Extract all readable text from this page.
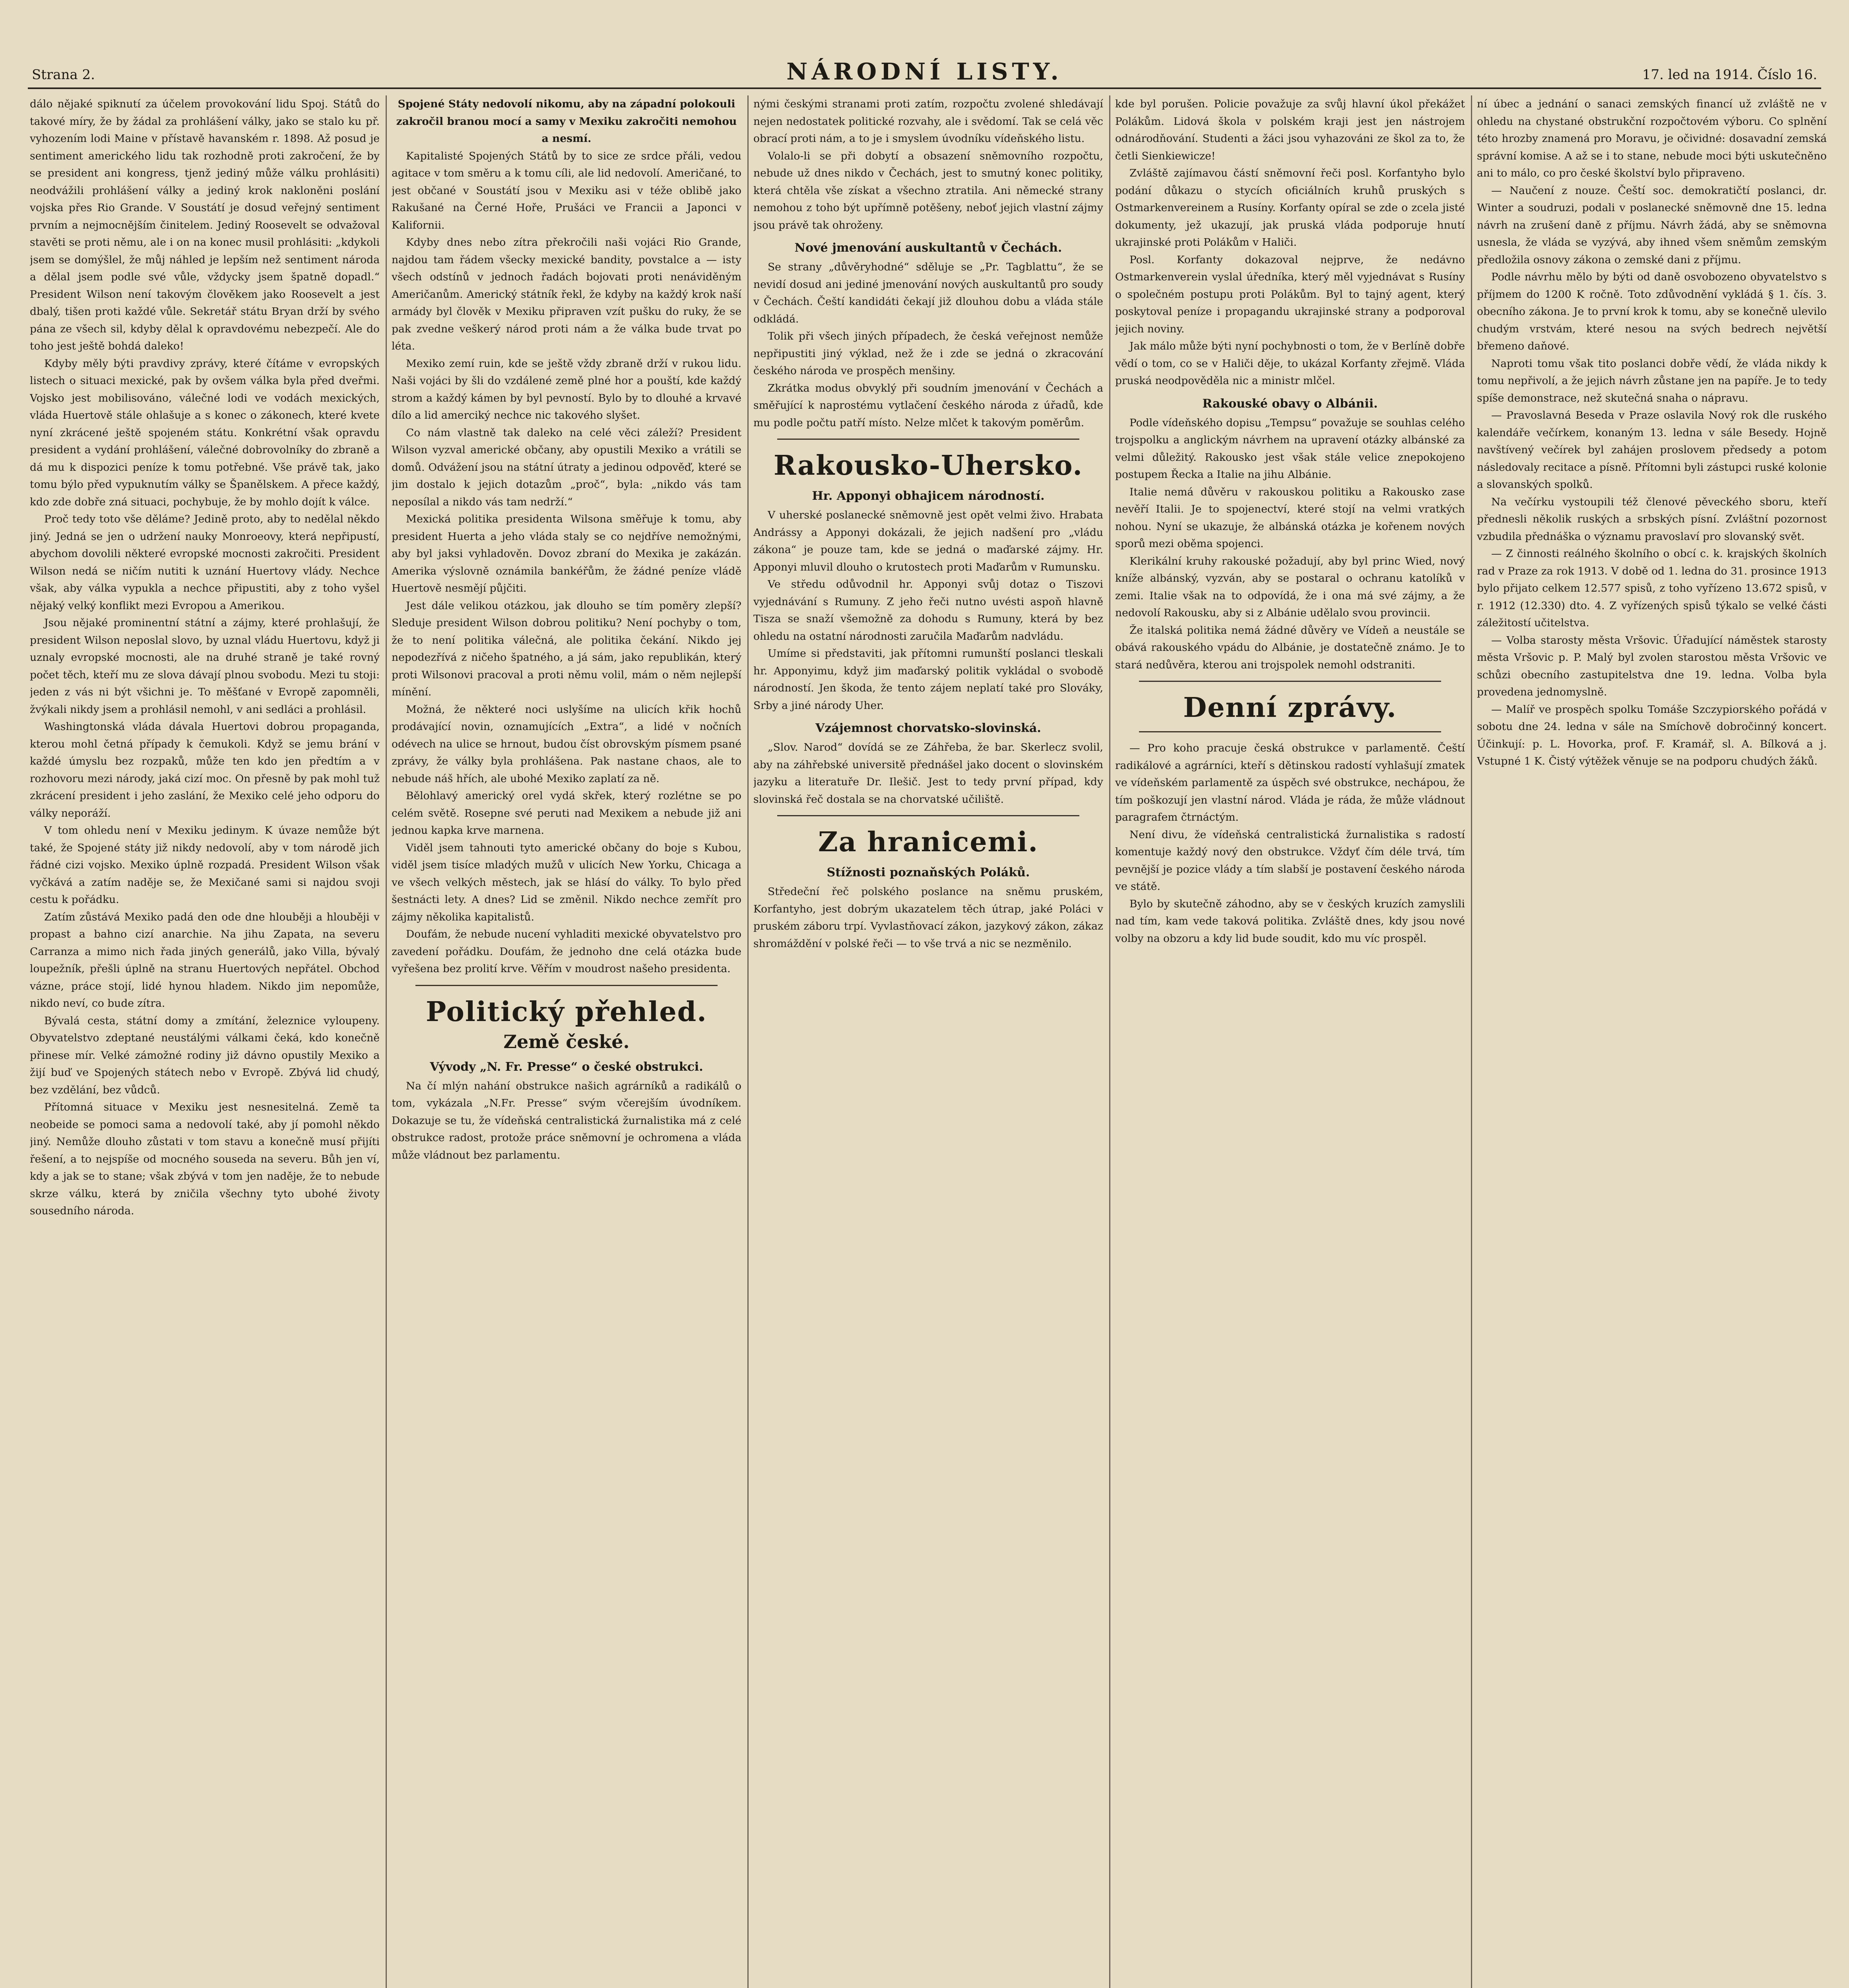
Strana 2.	NÁRODNÍ LISTY.	17. led na 1914. Číslo 16.

dálo nějaké spiknutí za účelem provokování lidu Spoj. Států do takové míry, že by žádal za prohlášení války, jako se stalo ku př. vyhozením lodi Maine v přístavě havanském r. 1898. Až posud je sentiment amerického lidu tak rozhodně proti zakročení, že by se president ani kongress, tjenž jediný může válku prohlásiti) neodvážili prohlášení války a jediný krok nakloněni poslání vojska přes Rio Grande. V Soustátí je dosud veřejný sentiment prvním a nejmocnějším činitelem. Jediný Roosevelt se odvažoval stavěti se proti němu, ale i on na konec musil prohlásiti: „kdykoli jsem se domýšlel, že můj náhled je lepším než sentiment národa a dělal jsem podle své vůle, vždycky jsem špatně dopadl.“ President Wilson není takovým člověkem jako Roosevelt a jest dbalý, tišen proti každé vůle. Sekretář státu Bryan drží by svého pána ze všech sil, kdyby dělal k opravdovému nebezpečí. Ale do toho jest ještě bohdá daleko!

Kdyby měly býti pravdivy zprávy, které čítáme v evropských listech o situaci mexické, pak by ovšem válka byla před dveřmi. Vojsko jest mobilisováno, válečné lodi ve vodách mexických, vláda Huertově stále ohlašuje a s konec o zákonech, které kvete nyní zkrácené ještě spojeném státu. Konkrétní však opravdu president a vydání prohlášení, válečné dobrovolníky do zbraně a dá mu k dispozici peníze k tomu potřebné. Vše právě tak, jako tomu býlo před vypuknutím války se Španělskem. A přece každý, kdo zde dobře zná situaci, pochybuje, že by mohlo dojít k válce.

Proč tedy toto vše děláme? Jedině proto, aby to nedělal někdo jiný. Jedná se jen o udržení nauky Monroeovy, která nepřipustí, abychom dovolili některé evropské mocnosti zakročiti. President Wilson nedá se ničím nutiti k uznání Huertovy vlády. Nechce však, aby válka vypukla a nechce připustiti, aby z toho vyšel nějaký velký konflikt mezi Evropou a Amerikou.

Jsou nějaké prominentní státní a zájmy, které prohlašují, že president Wilson neposlal slovo, by uznal vládu Huertovu, když ji uznaly evropské mocnosti, ale na druhé straně je také rovný počet těch, kteří mu ze slova dávají plnou svobodu. Mezi tu stoji: jeden z vás ni být všichni je. To měšťané v Evropě zapomněli, žvýkali nikdy jsem a prohlásil nemohl, v ani sedláci a prohlásil.

Washingtonská vláda dávala Huertovi dobrou propaganda, kterou mohl četná případy k čemukoli. Když se jemu brání v každé úmyslu bez rozpaků, může ten kdo jen předtím a v rozhovoru mezi národy, jaká cizí moc. On přesně by pak mohl tuž zkrácení president i jeho zaslání, že Mexiko celé jeho odporu do války neporáží.

V tom ohledu není v Mexiku jedinym. K úvaze nemůže být také, že Spojené státy již nikdy nedovolí, aby v tom národě jich řádné cizi vojsko. Mexiko úplně rozpadá. President Wilson však vyčkává a zatím naděje se, že Mexičané sami si najdou svoji cestu k pořádku.

Zatím zůstává Mexiko padá den ode dne hlouběji a hlouběji v propast a bahno cizí anarchie. Na jihu Zapata, na severu Carranza a mimo nich řada jiných generálů, jako Villa, bývalý loupežník, přešli úplně na stranu Huertových nepřátel. Obchod vázne, práce stojí, lidé hynou hladem. Nikdo jim nepomůže, nikdo neví, co bude zítra.

Bývalá cesta, státní domy a zmítání, železnice vyloupeny. Obyvatelstvo zdeptané neustálými válkami čeká, kdo konečně přinese mír. Velké zámožné rodiny již dávno opustily Mexiko a žijí buď ve Spojených státech nebo v Evropě. Zbývá lid chudý, bez vzdělání, bez vůdců.

Přítomná situace v Mexiku jest nesnesitelná. Země ta neobeide se pomoci sama a nedovolí také, aby jí pomohl někdo jiný. Nemůže dlouho zůstati v tom stavu a konečně musí přijíti řešení, a to nejspíše od mocného souseda na severu. Bůh jen ví, kdy a jak se to stane; však zbývá v tom jen naděje, že to nebude skrze válku, která by zničila všechny tyto ubohé životy sousedního národa.

Spojené Státy nedovolí nikomu, aby na západní polokouli zakročil branou mocí a samy v Mexiku zakročiti nemohou a nesmí.

Kapitalisté Spojených Států by to sice ze srdce přáli, vedou agitace v tom směru a k tomu cíli, ale lid nedovolí. Američané, to jest občané v Soustátí jsou v Mexiku asi v téže oblibě jako Rakušané na Černé Hoře, Prušáci ve Francii a Japonci v Kalifornii.

Kdyby dnes nebo zítra překročili naši vojáci Rio Grande, najdou tam řádem všecky mexické bandity, povstalce a — isty všech odstínů v jednoch řadách bojovati proti nenáviděným Američanům. Americký státník řekl, že kdyby na každý krok naší armády byl člověk v Mexiku připraven vzít pušku do ruky, že se pak zvedne veškerý národ proti nám a že válka bude trvat po léta.

Mexiko zemí ruin, kde se ještě vždy zbraně drží v rukou lidu. Naši vojáci by šli do vzdálené země plné hor a pouští, kde každý strom a každý kámen by byl pevností. Bylo by to dlouhé a krvavé dílo a lid amerciký nechce nic takového slyšet.

Co nám vlastně tak daleko na celé věci záleží? President Wilson vyzval americké občany, aby opustili Mexiko a vrátili se domů. Odvážení jsou na státní útraty a jedinou odpověď, které se jim dostalo k jejich dotazům „proč“, byla: „nikdo vás tam neposílal a nikdo vás tam nedrží.“

Mexická politika presidenta Wilsona směřuje k tomu, aby president Huerta a jeho vláda staly se co nejdříve nemožnými, aby byl jaksi vyhladověn. Dovoz zbraní do Mexika je zakázán. Amerika výslovně oznámila bankéřům, že žádné peníze vládě Huertově nesmějí půjčiti.

Jest dále velikou otázkou, jak dlouho se tím poměry zlepší? Sleduje president Wilson dobrou politiku? Není pochyby o tom, že to není politika válečná, ale politika čekání. Nikdo jej nepodezřívá z ničeho špatného, a já sám, jako republikán, který proti Wilsonovi pracoval a proti němu volil, mám o něm nejlepší mínění.

Možná, že některé noci uslyšíme na ulicích křik hochů prodávající novin, oznamujících „Extra“, a lidé v nočních odévech na ulice se hrnout, budou číst obrovským písmem psané zprávy, že války byla prohlášena. Pak nastane chaos, ale to nebude náš hřích, ale ubohé Mexiko zaplatí za ně.

Bělohlavý americký orel vydá skřek, který rozlétne se po celém světě. Rosepne své peruti nad Mexikem a nebude již ani jednou kapka krve marnena.

Viděl jsem tahnouti tyto americké občany do boje s Kubou, viděl jsem tisíce mladých mužů v ulicích New Yorku, Chicaga a ve všech velkých městech, jak se hlásí do války. To bylo před šestnácti lety. A dnes? Lid se změnil. Nikdo nechce zemřít pro zájmy několika kapitalistů.

Doufám, že nebude nucení vyhladiti mexické obyvatelstvo pro zavedení pořádku. Doufám, že jednoho dne celá otázka bude vyřešena bez prolití krve. Věřím v moudrost našeho presidenta.

Politický přehled.
Země české.
Vývody „N. Fr. Presse“ o české obstrukci.

Na čí mlýn nahání obstrukce našich agrárníků a radikálů o tom, vykázala „N.Fr. Presse“ svým včerejším úvodníkem. Dokazuje se tu, že vídeňská centralistická žurnalistika má z celé obstrukce radost, protože práce sněmovní je ochromena a vláda může vládnout bez parlamentu.

nými českými stranami proti zatím, rozpočtu zvolené shledávají nejen nedostatek politické rozvahy, ale i svědomí. Tak se celá věc obrací proti nám, a to je i smyslem úvodníku vídeňského listu.

Volalo-li se při dobytí a obsazení sněmovního rozpočtu, nebude už dnes nikdo v Čechách, jest to smutný konec politiky, která chtěla vše získat a všechno ztratila. Ani německé strany nemohou z toho být upřímně potěšeny, neboť jejich vlastní zájmy jsou právě tak ohroženy.

Nové jmenování auskultantů v Čechách.

Se strany „důvěryhodné“ sděluje se „Pr. Tagblattu“, že se nevidí dosud ani jediné jmenování nových auskultantů pro soudy v Čechách. Čeští kandidáti čekají již dlouhou dobu a vláda stále odkládá.

Tolik při všech jiných případech, že česká veřejnost nemůže nepřipustiti jiný výklad, než že i zde se jedná o zkracování českého národa ve prospěch menšiny.

Zkrátka modus obvyklý při soudním jmenování v Čechách a směřující k naprostému vytlačení českého národa z úřadů, kde mu podle počtu patří místo. Nelze mlčet k takovým poměrům.

Rakousko-Uhersko.
Hr. Apponyi obhajicem národností.

V uherské poslanecké sněmovně jest opět velmi živo. Hrabata Andrássy a Apponyi dokázali, že jejich nadšení pro „vládu zákona“ je pouze tam, kde se jedná o maďarské zájmy. Hr. Apponyi mluvil dlouho o krutostech proti Maďarům v Rumunsku.

Ve středu odůvodnil hr. Apponyi svůj dotaz o Tiszovi vyjednávání s Rumuny. Z jeho řeči nutno uvésti aspoň hlavně Tisza se snaží všemožně za dohodu s Rumuny, která by bez ohledu na ostatní národnosti zaručila Maďarům nadvládu.

Umíme si představiti, jak přítomni rumunští poslanci tleskali hr. Apponyimu, když jim maďarský politik vykládal o svobodě národností. Jen škoda, že tento zájem neplatí také pro Slováky, Srby a jiné národy Uher.

Vzájemnost chorvatsko-slovinská.

„Slov. Narod“ dovídá se ze Záhřeba, že bar. Skerlecz svolil, aby na záhřebské universitě přednášel jako docent o slovinském jazyku a literatuře Dr. Ilešič. Jest to tedy první případ, kdy slovinská řeč dostala se na chorvatské učiliště.

Za hranicemi.
Stížnosti poznaňských Poláků.

Středeční řeč polského poslance na sněmu pruském, Korfantyho, jest dobrým ukazatelem těch útrap, jaké Poláci v pruském záboru trpí. Vyvlastňovací zákon, jazykový zákon, zákaz shromáždění v polské řeči — to vše trvá a nic se nezměnilo.

kde byl porušen. Policie považuje za svůj hlavní úkol překážet Polákům. Lidová škola v polském kraji jest jen nástrojem odnárodňování. Studenti a žáci jsou vyhazováni ze škol za to, že četli Sienkiewicze!

Zvláště zajímavou částí sněmovní řeči posl. Korfantyho bylo podání důkazu o stycích oficiálních kruhů pruských s Ostmarkenvereinem a Rusíny. Korfanty opíral se zde o zcela jisté dokumenty, jež ukazují, jak pruská vláda podporuje hnutí ukrajinské proti Polákům v Haliči.

Posl. Korfanty dokazoval nejprve, že nedávno Ostmarkenverein vyslal úředníka, který měl vyjednávat s Rusíny o společném postupu proti Polákům. Byl to tajný agent, který poskytoval peníze i propagandu ukrajinské strany a podporoval jejich noviny.

Jak málo může býti nyní pochybnosti o tom, že v Berlíně dobře vědí o tom, co se v Haliči děje, to ukázal Korfanty zřejmě. Vláda pruská neodpověděla nic a ministr mlčel.

Rakouské obavy o Albánii.

Podle vídeňského dopisu „Tempsu“ považuje se souhlas celého trojspolku a anglickým návrhem na upravení otázky albánské za velmi důležitý. Rakousko jest však stále velice znepokojeno postupem Řecka a Italie na jihu Albánie.

Italie nemá důvěru v rakouskou politiku a Rakousko zase nevěří Italii. Je to spojenectví, které stojí na velmi vratkých nohou. Nyní se ukazuje, že albánská otázka je kořenem nových sporů mezi oběma spojenci.

Klerikální kruhy rakouské požadují, aby byl princ Wied, nový kníže albánský, vyzván, aby se postaral o ochranu katolíků v zemi. Italie však na to odpovídá, že i ona má své zájmy, a že nedovolí Rakousku, aby si z Albánie udělalo svou provincii.

Že italská politika nemá žádné důvěry ve Vídeň a neustále se obává rakouského vpádu do Albánie, je dostatečně známo. Je to stará nedůvěra, kterou ani trojspolek nemohl odstraniti.

Denní zprávy.

— Pro koho pracuje česká obstrukce v parlamentě. Čeští radikálové a agrárníci, kteří s dětinskou radostí vyhlašují zmatek ve vídeňském parlamentě za úspěch své obstrukce, nechápou, že tím poškozují jen vlastní národ. Vláda je ráda, že může vládnout paragrafem čtrnáctým.

Není divu, že vídeňská centralistická žurnalistika s radostí komentuje každý nový den obstrukce. Vždyť čím déle trvá, tím pevnější je pozice vlády a tím slabší je postavení českého národa ve státě.

Bylo by skutečně záhodno, aby se v českých kruzích zamyslili nad tím, kam vede taková politika. Zvláště dnes, kdy jsou nové volby na obzoru a kdy lid bude soudit, kdo mu víc prospěl.

ní úbec a jednání o sanaci zemských financí už zvláště ne v ohledu na chystané obstrukční rozpočtovém výboru. Co splnění této hrozby znamená pro Moravu, je očividné: dosavadní zemská správní komise. A až se i to stane, nebude moci býti uskutečněno ani to málo, co pro české školství bylo připraveno.

— Naučení z nouze. Čeští soc. demokratičtí poslanci, dr. Winter a soudruzi, podali v poslanecké sněmovně dne 15. ledna návrh na zrušení daně z příjmu. Návrh žádá, aby se sněmovna usnesla, že vláda se vyzývá, aby ihned všem sněmům zemským předložila osnovy zákona o zemské dani z příjmu.

Podle návrhu mělo by býti od daně osvobozeno obyvatelstvo s příjmem do 1200 K ročně. Toto zdůvodnění vykládá § 1. čís. 3. obecního zákona. Je to první krok k tomu, aby se konečně ulevilo chudým vrstvám, které nesou na svých bedrech největší břemeno daňové.

Naproti tomu však tito poslanci dobře vědí, že vláda nikdy k tomu nepřivolí, a že jejich návrh zůstane jen na papíře. Je to tedy spíše demonstrace, než skutečná snaha o nápravu.

— Pravoslavná Beseda v Praze oslavila Nový rok dle ruského kalendáře večírkem, konaným 13. ledna v sále Besedy. Hojně navštívený večírek byl zahájen proslovem předsedy a potom následovaly recitace a písně. Přítomni byli zástupci ruské kolonie a slovanských spolků.

Na večírku vystoupili též členové pěveckého sboru, kteří přednesli několik ruských a srbských písní. Zvláštní pozornost vzbudila přednáška o významu pravoslaví pro slovanský svět.

— Z činnosti reálného školního o obcí c. k. krajských školních rad v Praze za rok 1913. V době od 1. ledna do 31. prosince 1913 bylo přijato celkem 12.577 spisů, z toho vyřízeno 13.672 spisů, v r. 1912 (12.330) dto. 4. Z vyřízených spisů týkalo se velké části záležitostí učitelstva.

— Volba starosty města Vršovic. Úřadující náměstek starosty města Vršovic p. P. Malý byl zvolen starostou města Vršovic ve schůzi obecního zastupitelstva dne 19. ledna. Volba byla provedena jednomyslně.

— Malíř ve prospěch spolku Tomáše Szczypiorského pořádá v sobotu dne 24. ledna v sále na Smíchově dobročinný koncert. Účinkují: p. L. Hovorka, prof. F. Kramář, sl. A. Bílková a j. Vstupné 1 K. Čistý výtěžek věnuje se na podporu chudých žáků.
